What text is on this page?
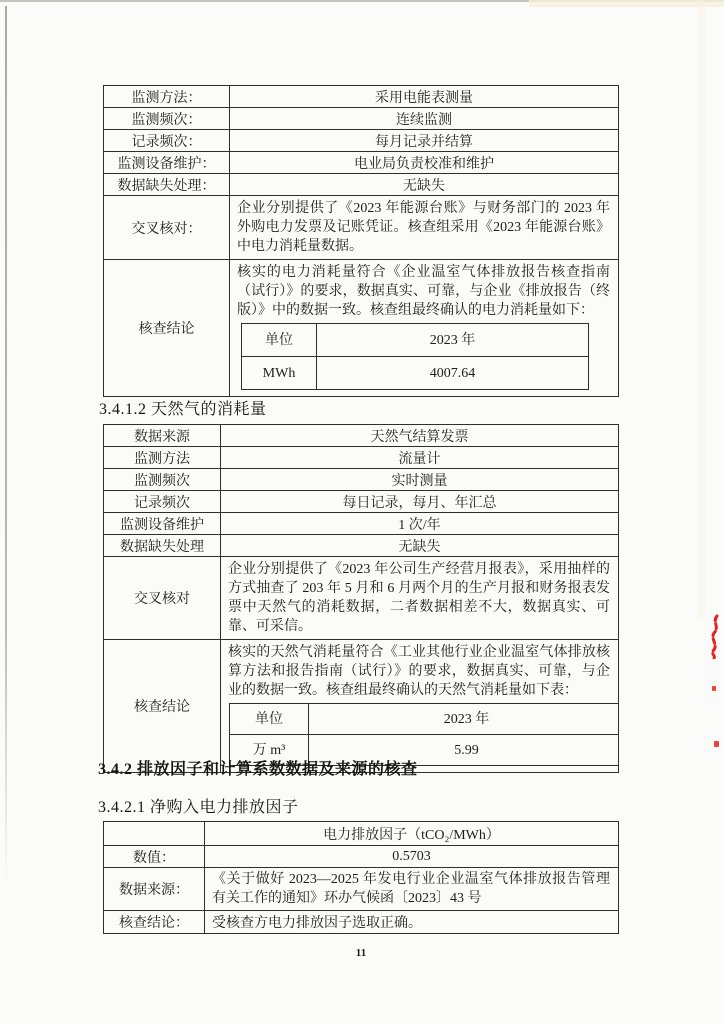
监测方法：	采用电能表测量
监测频次：	连续监测
记录频次：	每月记录并结算
监测设备维护：	电业局负责校准和维护
数据缺失处理：	无缺失
交叉核对：	企业分别提供了《2023 年能源台账》与财务部门的 2023 年外购电力发票及记账凭证。核查组采用《2023 年能源台账》中电力消耗量数据。
核查结论	核实的电力消耗量符合《企业温室气体排放报告核查指南（试行）》的要求，数据真实、可靠，与企业《排放报告（终版）》中的数据一致。核查组最终确认的电力消耗量如下：
单位	2023 年
MWh	4007.64
3.4.1.2 天然气的消耗量
数据来源	天然气结算发票
监测方法	流量计
监测频次	实时测量
记录频次	每日记录，每月、年汇总
监测设备维护	1 次/年
数据缺失处理	无缺失
交叉核对	企业分别提供了《2023 年公司生产经营月报表》，采用抽样的方式抽查了 203 年 5 月和 6 月两个月的生产月报和财务报表发票中天然气的消耗数据，二者数据相差不大，数据真实、可靠、可采信。
核查结论	核实的天然气消耗量符合《工业其他行业企业温室气体排放核算方法和报告指南（试行）》的要求，数据真实、可靠，与企业的数据一致。核查组最终确认的天然气消耗量如下表：
单位	2023 年
万 m³	5.99
3.4.2 排放因子和计算系数数据及来源的核查
3.4.2.1 净购入电力排放因子
	电力排放因子（tCO₂/MWh）
数值：	0.5703
数据来源：	《关于做好 2023—2025 年发电行业企业温室气体排放报告管理有关工作的通知》环办气候函〔2023〕43 号
核查结论：	受核查方电力排放因子选取正确。
11
